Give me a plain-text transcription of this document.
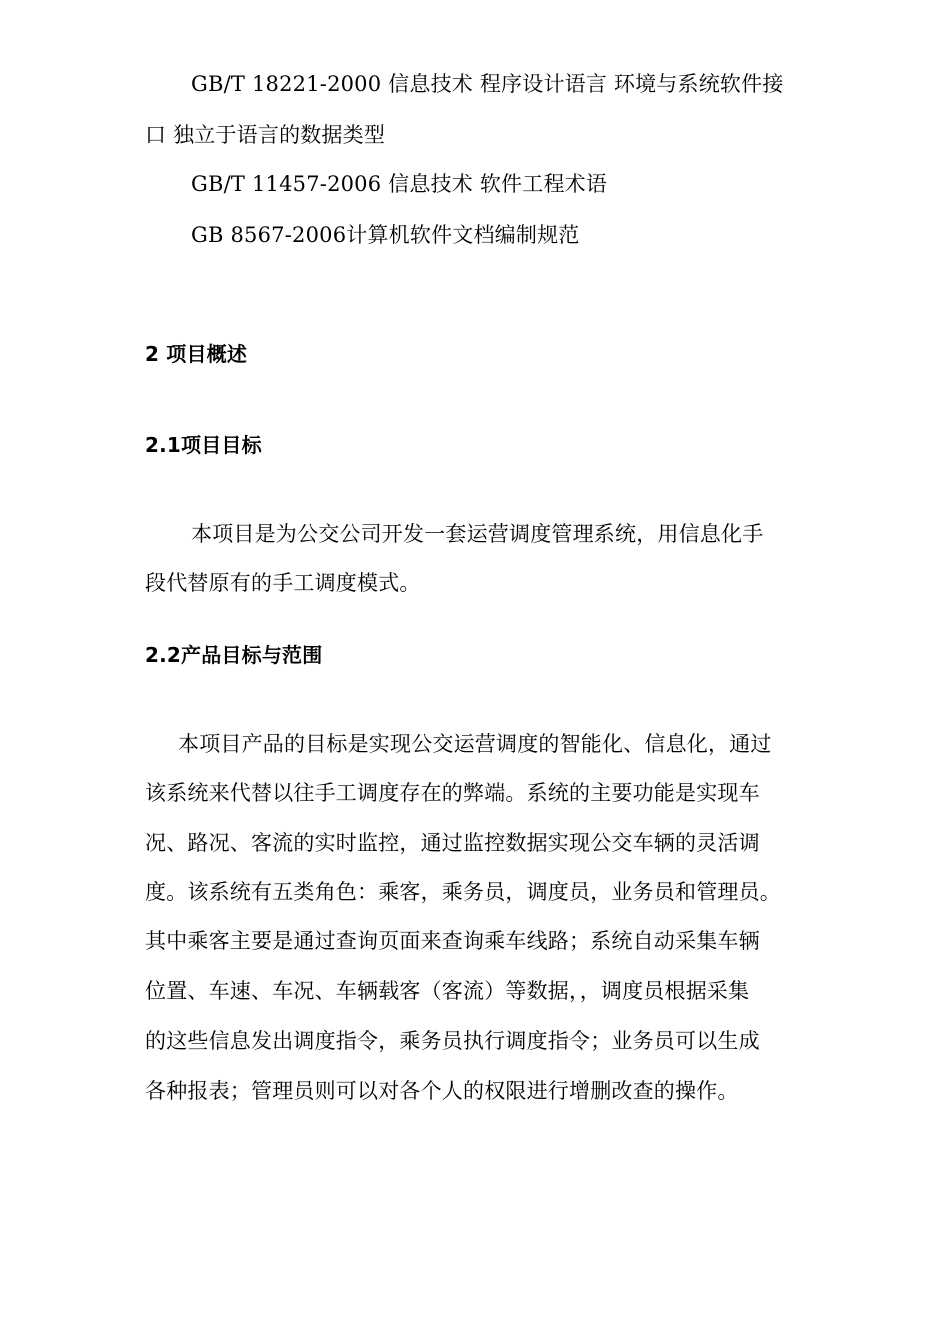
GB/T 18221-2000 信息技术 程序设计语言 环境与系统软件接
口 独立于语言的数据类型
GB/T 11457-2006 信息技术 软件工程术语
GB 8567-2006计算机软件文档编制规范
2 项目概述
2.1项目目标
本项目是为公交公司开发一套运营调度管理系统，用信息化手
段代替原有的手工调度模式。
2.2产品目标与范围
本项目产品的目标是实现公交运营调度的智能化、信息化，通过
该系统来代替以往手工调度存在的弊端。系统的主要功能是实现车
况、路况、客流的实时监控，通过监控数据实现公交车辆的灵活调
度。该系统有五类角色：乘客，乘务员，调度员，业务员和管理员。
其中乘客主要是通过查询页面来查询乘车线路；系统自动采集车辆
位置、车速、车况、车辆载客（客流）等数据，，调度员根据采集
的这些信息发出调度指令，乘务员执行调度指令；业务员可以生成
各种报表；管理员则可以对各个人的权限进行增删改查的操作。
